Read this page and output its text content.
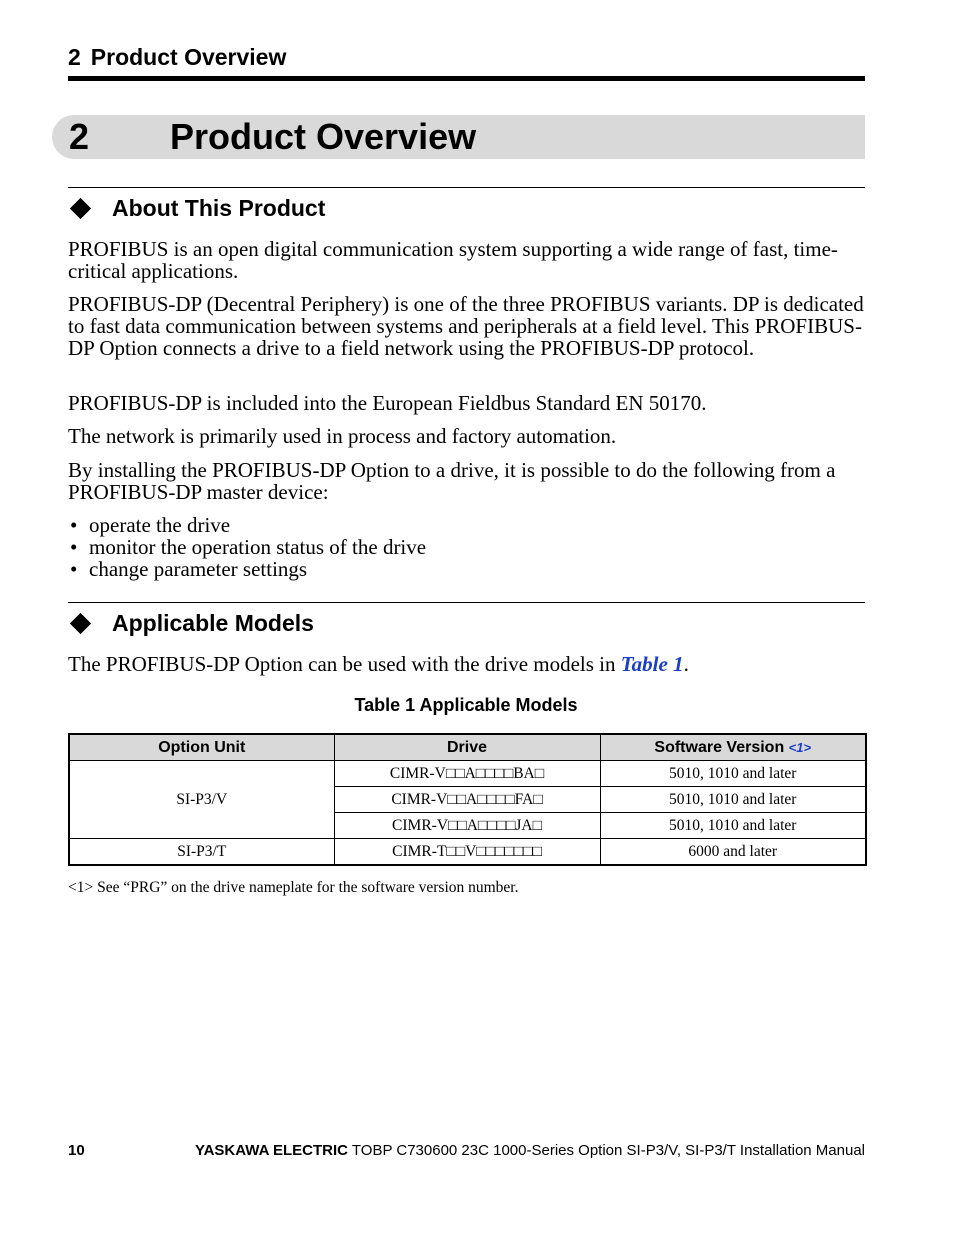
2 Product Overview
2 Product Overview
About This Product
PROFIBUS is an open digital communication system supporting a wide range of fast, time-critical applications.
PROFIBUS-DP (Decentral Periphery) is one of the three PROFIBUS variants. DP is dedicated to fast data communication between systems and peripherals at a field level. This PROFIBUS-DP Option connects a drive to a field network using the PROFIBUS-DP protocol.
PROFIBUS-DP is included into the European Fieldbus Standard EN 50170.
The network is primarily used in process and factory automation.
By installing the PROFIBUS-DP Option to a drive, it is possible to do the following from a PROFIBUS-DP master device:
• operate the drive
• monitor the operation status of the drive
• change parameter settings
Applicable Models
The PROFIBUS-DP Option can be used with the drive models in Table 1.
Table 1 Applicable Models
Option Unit	Drive	Software Version <1>
SI-P3/V	CIMR-V□□A□□□□BA□	5010, 1010 and later
	CIMR-V□□A□□□□FA□	5010, 1010 and later
	CIMR-V□□A□□□□JA□	5010, 1010 and later
SI-P3/T	CIMR-T□□V□□□□□□□	6000 and later
<1> See “PRG” on the drive nameplate for the software version number.
10	YASKAWA ELECTRIC TOBP C730600 23C 1000-Series Option SI-P3/V, SI-P3/T Installation Manual
